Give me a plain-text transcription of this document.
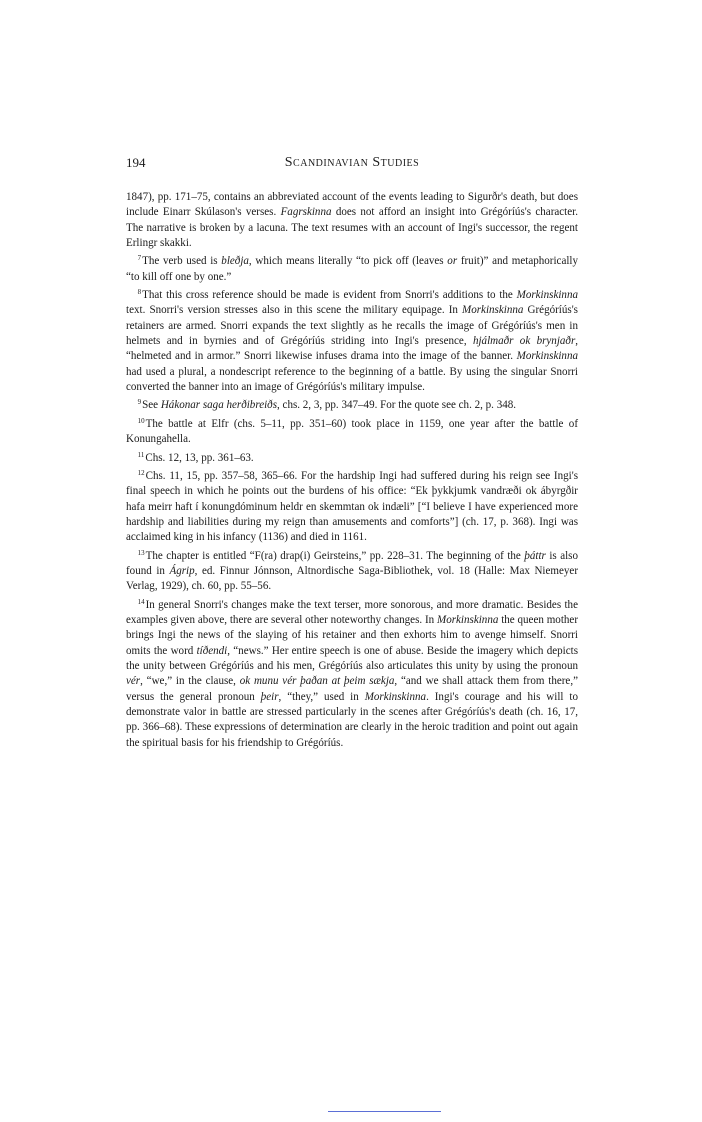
194	Scandinavian Studies

1847), pp. 171–75, contains an abbreviated account of the events leading to Sigurðr's death, but does include Einarr Skúlason's verses. Fagrskinna does not afford an insight into Grégóríús's character. The narrative is broken by a lacuna. The text resumes with an account of Ingi's successor, the regent Erlingr skakki.

$^7$The verb used is bleðja, which means literally “to pick off (leaves or fruit)” and metaphorically “to kill off one by one.”

$^8$That this cross reference should be made is evident from Snorri's additions to the Morkinskinna text. Snorri's version stresses also in this scene the military equipage. In Morkinskinna Grégóríús's retainers are armed. Snorri expands the text slightly as he recalls the image of Grégóríús's men in helmets and in byrnies and of Grégóríús striding into Ingi's presence, hjálmaðr ok brynjaðr, “helmeted and in armor.” Snorri likewise infuses drama into the image of the banner. Morkinskinna had used a plural, a nondescript reference to the beginning of a battle. By using the singular Snorri converted the banner into an image of Grégóríús's military impulse.

$^9$See Hákonar saga herðibreiðs, chs. 2, 3, pp. 347–49. For the quote see ch. 2, p. 348.

$^{10}$The battle at Elfr (chs. 5–11, pp. 351–60) took place in 1159, one year after the battle of Konungahella.

$^{11}$Chs. 12, 13, pp. 361–63.

$^{12}$Chs. 11, 15, pp. 357–58, 365–66. For the hardship Ingi had suffered during his reign see Ingi's final speech in which he points out the burdens of his office: “Ek þykkjumk vandræði ok ábyrgðir hafa meirr haft í konungdóminum heldr en skemmtan ok indæli” [“I believe I have experienced more hardship and liabilities during my reign than amusements and comforts”] (ch. 17, p. 368). Ingi was acclaimed king in his infancy (1136) and died in 1161.

$^{13}$The chapter is entitled “F(ra) drap(i) Geirsteins,” pp. 228–31. The beginning of the þáttr is also found in Ágrip, ed. Finnur Jónnson, Altnordische Saga-Bibliothek, vol. 18 (Halle: Max Niemeyer Verlag, 1929), ch. 60, pp. 55–56.

$^{14}$In general Snorri's changes make the text terser, more sonorous, and more dramatic. Besides the examples given above, there are several other noteworthy changes. In Morkinskinna the queen mother brings Ingi the news of the slaying of his retainer and then exhorts him to avenge himself. Snorri omits the word tíðendi, “news.” Her entire speech is one of abuse. Beside the imagery which depicts the unity between Grégóríús and his men, Grégóríús also articulates this unity by using the pronoun vér, “we,” in the clause, ok munu vér þaðan at þeim sækja, “and we shall attack them from there,” versus the general pronoun þeir, “they,” used in Morkinskinna. Ingi's courage and his will to demonstrate valor in battle are stressed particularly in the scenes after Grégóríús's death (ch. 16, 17, pp. 366–68). These expressions of determination are clearly in the heroic tradition and point out again the spiritual basis for his friendship to Grégóríús.
